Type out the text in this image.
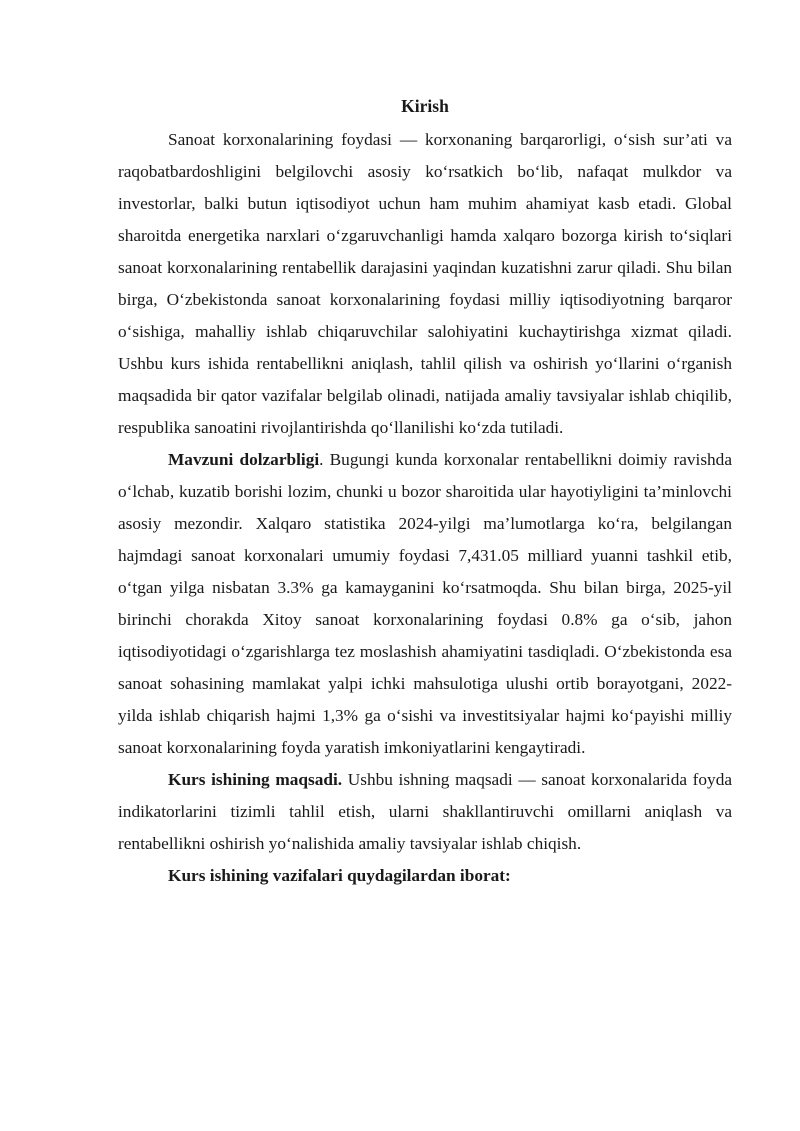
Kirish

Sanoat korxonalarining foydasi — korxonaning barqarorligi, o‘sish sur’ati va raqobatbardoshligini belgilovchi asosiy ko‘rsatkich bo‘lib, nafaqat mulkdor va investorlar, balki butun iqtisodiyot uchun ham muhim ahamiyat kasb etadi. Global sharoitda energetika narxlari o‘zgaruvchanligi hamda xalqaro bozorga kirish to‘siqlari sanoat korxonalarining rentabellik darajasini yaqindan kuzatishni zarur qiladi. Shu bilan birga, O‘zbekistonda sanoat korxonalarining foydasi milliy iqtisodiyotning barqaror o‘sishiga, mahalliy ishlab chiqaruvchilar salohiyatini kuchaytirishga xizmat qiladi. Ushbu kurs ishida rentabellikni aniqlash, tahlil qilish va oshirish yo‘llarini o‘rganish maqsadida bir qator vazifalar belgilab olinadi, natijada amaliy tavsiyalar ishlab chiqilib, respublika sanoatini rivojlantirishda qo‘llanilishi ko‘zda tutiladi.

Mavzuni dolzarbligi. Bugungi kunda korxonalar rentabellikni doimiy ravishda o‘lchab, kuzatib borishi lozim, chunki u bozor sharoitida ular hayotiyligini ta’minlovchi asosiy mezondir. Xalqaro statistika 2024-yilgi ma’lumotlarga ko‘ra, belgilangan hajmdagi sanoat korxonalari umumiy foydasi 7,431.05 milliard yuanni tashkil etib, o‘tgan yilga nisbatan 3.3% ga kamayganini ko‘rsatmoqda. Shu bilan birga, 2025-yil birinchi chorakda Xitoy sanoat korxonalarining foydasi 0.8% ga o‘sib, jahon iqtisodiyotidagi o‘zgarishlarga tez moslashish ahamiyatini tasdiqladi. O‘zbekistonda esa sanoat sohasining mamlakat yalpi ichki mahsulotiga ulushi ortib borayotgani, 2022-yilda ishlab chiqarish hajmi 1,3% ga o‘sishi va investitsiyalar hajmi ko‘payishi milliy sanoat korxonalarining foyda yaratish imkoniyatlarini kengaytiradi.

Kurs ishining maqsadi. Ushbu ishning maqsadi — sanoat korxonalarida foyda indikatorlarini tizimli tahlil etish, ularni shakllantiruvchi omillarni aniqlash va rentabellikni oshirish yo‘nalishida amaliy tavsiyalar ishlab chiqish.

Kurs ishining vazifalari quydagilardan iborat:
